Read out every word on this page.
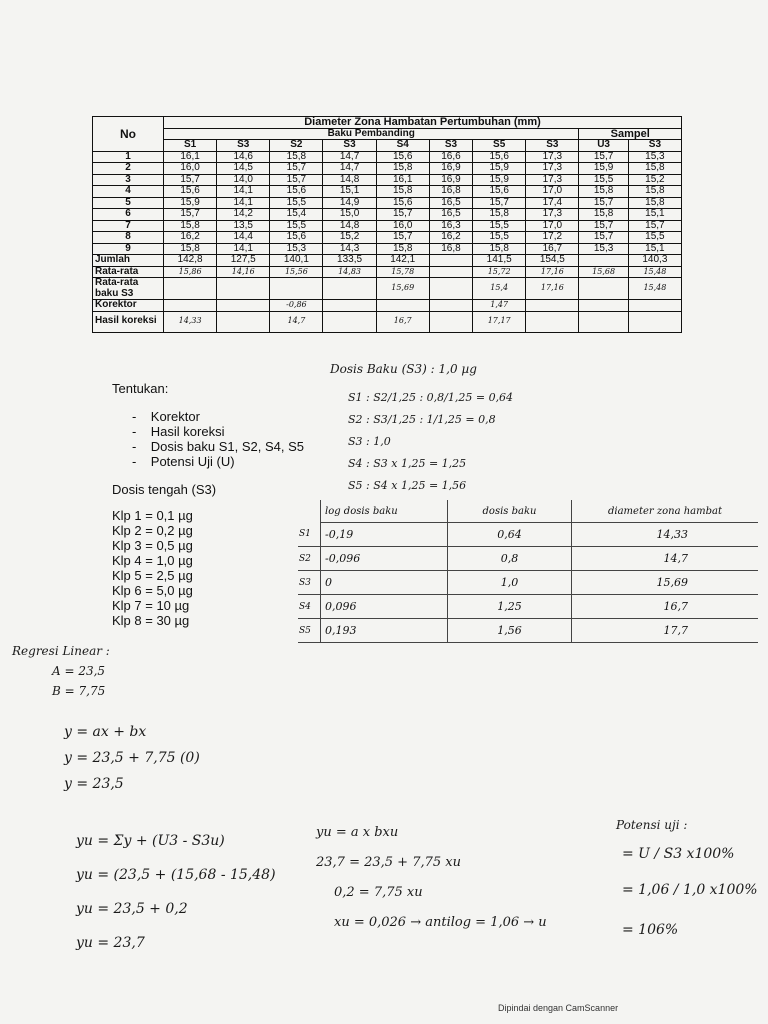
No	Diameter Zona Hambatan Pertumbuhan (mm)									
	Baku Pembanding								Sampel	
	S1	S3	S2	S3	S4	S3	S5	S3	U3	S3
1	16,1	14,6	15,8	14,7	15,6	16,6	15,6	17,3	15,7	15,3
2	16,0	14,5	15,7	14,7	15,8	16,9	15,9	17,3	15,9	15,8
3	15,7	14,0	15,7	14,8	16,1	16,9	15,9	17,3	15,5	15,2
4	15,6	14,1	15,6	15,1	15,8	16,8	15,6	17,0	15,8	15,8
5	15,9	14,1	15,5	14,9	15,6	16,5	15,7	17,4	15,7	15,8
6	15,7	14,2	15,4	15,0	15,7	16,5	15,8	17,3	15,8	15,1
7	15,8	13,5	15,5	14,8	16,0	16,3	15,5	17,0	15,7	15,7
8	16,2	14,4	15,6	15,2	15,7	16,2	15,5	17,2	15,7	15,5
9	15,8	14,1	15,3	14,3	15,8	16,8	15,8	16,7	15,3	15,1
Jumlah	142,8	127,5	140,1	133,5	142,1		141,5	154,5		140,3
Rata-rata	15,86	14,16	15,56	14,83	15,78		15,72	17,16	15,68	15,48
Rata-rata baku S3					15,69		15,4	17,16		15,48
Korektor			-0,86				1,47			
Hasil koreksi	14,33		14,7		16,7		17,17			
Tentukan:
-    Korektor
-    Hasil koreksi
-    Dosis baku S1, S2, S4, S5
-    Potensi Uji (U)
Dosis tengah (S3)
Klp 1 = 0,1 µg
Klp 2 = 0,2 µg
Klp 3 = 0,5 µg
Klp 4 = 1,0 µg
Klp 5 = 2,5 µg
Klp 6 = 5,0 µg
Klp 7 = 10 µg
Klp 8 = 30 µg
Dosis Baku (S3) : 1,0 µg
S1 : S2/1,25 : 0,8/1,25 = 0,64
S2 : S3/1,25 : 1/1,25 = 0,8
S3 : 1,0
S4 : S3 x 1,25 = 1,25
S5 : S4 x 1,25 = 1,56
	log dosis baku	dosis baku	diameter zona hambat
S1	-0,19	0,64	14,33
S2	-0,096	0,8	14,7
S3	0	1,0	15,69
S4	0,096	1,25	16,7
S5	0,193	1,56	17,7
Regresi Linear :
A = 23,5
B = 7,75
y = ax + bx
y = 23,5 + 7,75 (0)
y = 23,5
yu = Σy + (U3 - S3u)
yu = (23,5 + (15,68 - 15,48)
yu = 23,5 + 0,2
yu = 23,7
yu = a x bxu
23,7 = 23,5 + 7,75 xu
0,2 = 7,75 xu
xu = 0,026 → antilog = 1,06 → u
Potensi uji :
= U / S3 x100%
= 1,06 / 1,0 x100%
= 106%
Dipindai dengan CamScanner
